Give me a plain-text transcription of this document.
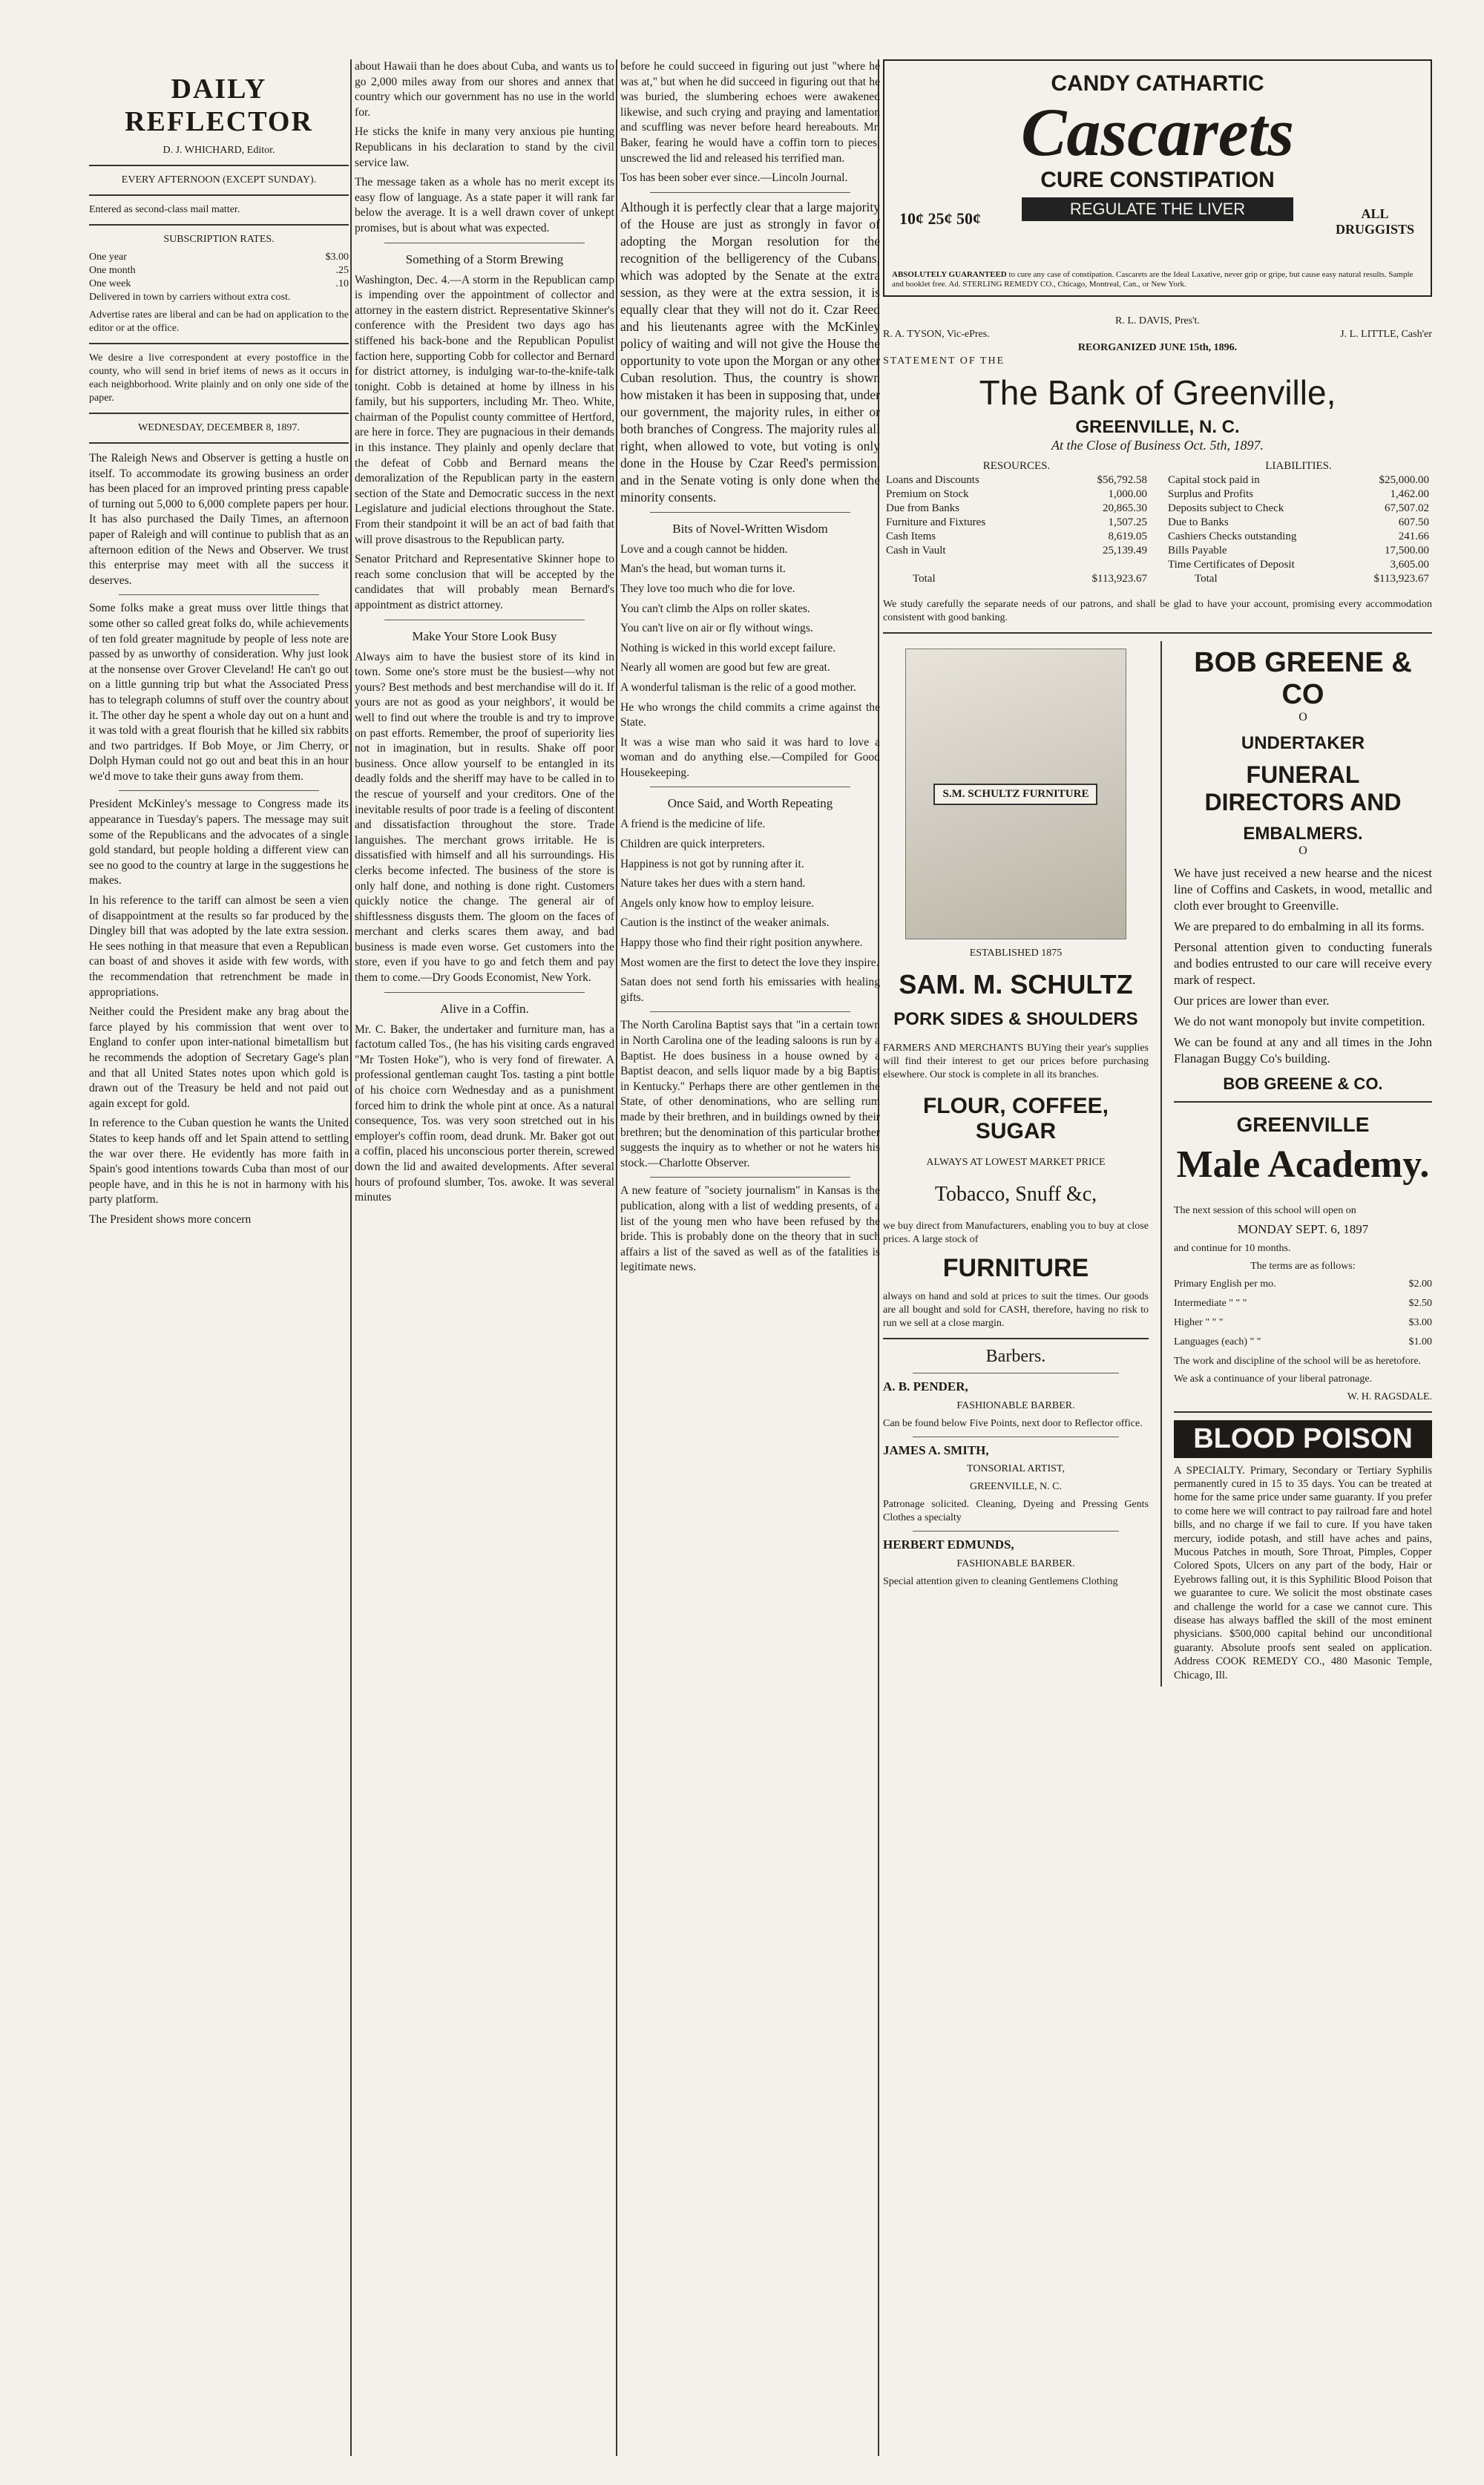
DAILY REFLECTOR

D. J. WHICHARD, Editor.

EVERY AFTERNOON (EXCEPT SUNDAY).

Entered as second-class mail matter.

SUBSCRIPTION RATES.

One year	$3.00
One month	.25
One week	.10

Delivered in town by carriers without extra cost.

Advertise rates are liberal and can be had on application to the editor or at the office.

We desire a live correspondent at every postoffice in the county, who will send in brief items of news as it occurs in each neighborhood. Write plainly and on only one side of the paper.

WEDNESDAY, DECEMBER 8, 1897.

The Raleigh News and Observer is getting a hustle on itself. To accommodate its growing business an order has been placed for an improved printing press capable of turning out 5,000 to 6,000 complete papers per hour. It has also purchased the Daily Times, an afternoon paper of Raleigh and will continue to publish that as an afternoon edition of the News and Observer. We trust this enterprise may meet with all the success it deserves.

Some folks make a great muss over little things that some other so called great folks do, while achievements of ten fold greater magnitude by people of less note are passed by as unworthy of consideration. Why just look at the nonsense over Grover Cleveland! He can't go out on a little gunning trip but what the Associated Press has to telegraph columns of stuff over the country about it. The other day he spent a whole day out on a hunt and it was told with a great flourish that he killed six rabbits and two partridges. If Bob Moye, or Jim Cherry, or Dolph Hyman could not go out and beat this in an hour we'd move to take their guns away from them.

President McKinley's message to Congress made its appearance in Tuesday's papers. The message may suit some of the Republicans and the advocates of a single gold standard, but people holding a different view can see no good to the country at large in the suggestions he makes.

In his reference to the tariff can almost be seen a vien of disappointment at the results so far produced by the Dingley bill that was adopted by the late extra session. He sees nothing in that measure that even a Republican can boast of and shoves it aside with few words, with the recommendation that retrenchment be made in appropriations.

Neither could the President make any brag about the farce played by his commission that went over to England to confer upon inter-national bimetallism but he recommends the adoption of Secretary Gage's plan and that all United States notes upon which gold is drawn out of the Treasury be held and not paid out again except for gold.

In reference to the Cuban question he wants the United States to keep hands off and let Spain attend to settling the war over there. He evidently has more faith in Spain's good intentions towards Cuba than most of our people have, and in this he is not in harmony with his party platform.

The President shows more concern

about Hawaii than he does about Cuba, and wants us to go 2,000 miles away from our shores and annex that country which our government has no use in the world for.

He sticks the knife in many very anxious pie hunting Republicans in his declaration to stand by the civil service law.

The message taken as a whole has no merit except its easy flow of language. As a state paper it will rank far below the average. It is a well drawn cover of unkept promises, but is about what was expected.

Something of a Storm Brewing

Washington, Dec. 4.—A storm in the Republican camp is impending over the appointment of collector and attorney in the eastern district. Representative Skinner's conference with the President two days ago has stiffened his back-bone and the Republican Populist faction here, supporting Cobb for collector and Bernard for district attorney, is indulging war-to-the-knife-talk tonight. Cobb is detained at home by illness in his family, but his supporters, including Mr. Theo. White, chairman of the Populist county committee of Hertford, are here in force. They are pugnacious in their demands in this instance. They plainly and openly declare that the defeat of Cobb and Bernard means the demoralization of the Republican party in the eastern section of the State and Democratic success in the next Legislature and judicial elections throughout the State. From their standpoint it will be an act of bad faith that will prove disastrous to the Republican party.

Senator Pritchard and Representative Skinner hope to reach some conclusion that will be accepted by the candidates that will probably mean Bernard's appointment as district attorney.

Make Your Store Look Busy

Always aim to have the busiest store of its kind in town. Some one's store must be the busiest—why not yours? Best methods and best merchandise will do it. If yours are not as good as your neighbors', it would be well to find out where the trouble is and try to improve on past efforts. Remember, the proof of superiority lies not in imagination, but in results. Shake off poor business. Once allow yourself to be entangled in its deadly folds and the sheriff may have to be called in to the rescue of yourself and your creditors. One of the inevitable results of poor trade is a feeling of discontent and dissatisfaction throughout the store. Trade languishes. The merchant grows irritable. He is dissatisfied with himself and all his surroundings. His clerks become infected. The business of the store is only half done, and nothing is done right. Customers quickly notice the change. The general air of shiftlessness disgusts them. The gloom on the faces of merchant and clerks scares them away, and bad business is made even worse. Get customers into the store, even if you have to go and fetch them and pay them to come.—Dry Goods Economist, New York.

Alive in a Coffin.

Mr. C. Baker, the undertaker and furniture man, has a factotum called Tos., (he has his visiting cards engraved "Mr Tosten Hoke"), who is very fond of firewater. A professional gentleman caught Tos. tasting a pint bottle of his choice corn Wednesday and as a punishment forced him to drink the whole pint at once. As a natural consequence, Tos. was very soon stretched out in his employer's coffin room, dead drunk. Mr. Baker got out a coffin, placed his unconscious porter therein, screwed down the lid and awaited developments. After several hours of profound slumber, Tos. awoke. It was several minutes

before he could succeed in figuring out just "where he was at," but when he did succeed in figuring out that he was buried, the slumbering echoes were awakened likewise, and such crying and praying and lamentation and scuffling was never before heard hereabouts. Mr. Baker, fearing he would have a coffin torn to pieces, unscrewed the lid and released his terrified man.

Tos has been sober ever since.—Lincoln Journal.

Although it is perfectly clear that a large majority of the House are just as strongly in favor of adopting the Morgan resolution for the recognition of the belligerency of the Cubans, which was adopted by the Senate at the extra session, as they were at the extra session, it is equally clear that they will not do it. Czar Reed and his lieutenants agree with the McKinley policy of waiting and will not give the House the opportunity to vote upon the Morgan or any other Cuban resolution. Thus, the country is shown how mistaken it has been in supposing that, under our government, the majority rules, in either or both branches of Congress. The majority rules all right, when allowed to vote, but voting is only done in the House by Czar Reed's permission, and in the Senate voting is only done when the minority consents.

Bits of Novel-Written Wisdom

Love and a cough cannot be hidden.

Man's the head, but woman turns it.

They love too much who die for love.

You can't climb the Alps on roller skates.

You can't live on air or fly without wings.

Nothing is wicked in this world except failure.

Nearly all women are good but few are great.

A wonderful talisman is the relic of a good mother.

He who wrongs the child commits a crime against the State.

It was a wise man who said it was hard to love a woman and do anything else.—Compiled for Good Housekeeping.

Once Said, and Worth Repeating

A friend is the medicine of life.

Children are quick interpreters.

Happiness is not got by running after it.

Nature takes her dues with a stern hand.

Angels only know how to employ leisure.

Caution is the instinct of the weaker animals.

Happy those who find their right position anywhere.

Most women are the first to detect the love they inspire.

Satan does not send forth his emissaries with healing gifts.

The North Carolina Baptist says that "in a certain town in North Carolina one of the leading saloons is run by a Baptist. He does business in a house owned by a Baptist deacon, and sells liquor made by a big Baptist in Kentucky." Perhaps there are other gentlemen in the State, of other denominations, who are selling rum made by their brethren, and in buildings owned by their brethren; but the denomination of this particular brother suggests the inquiry as to whether or not he waters his stock.—Charlotte Observer.

A new feature of "society journalism" in Kansas is the publication, along with a list of wedding presents, of a list of the young men who have been refused by the bride. This is probably done on the theory that in such affairs a list of the saved as well as of the fatalities is legitimate news.

CANDY CATHARTIC
Cascarets
CURE CONSTIPATION
REGULATE THE LIVER
10¢ 25¢ 50¢	ALL DRUGGISTS
ABSOLUTELY GUARANTEED to cure any case of constipation. Cascarets are the Ideal Laxative, never grip or gripe, but cause easy natural results. Sample and booklet free. Ad. STERLING REMEDY CO., Chicago, Montreal, Can., or New York.
R. L. DAVIS, Pres't.
R. A. TYSON, Vic-ePres.	J. L. LITTLE, Cash'er
REORGANIZED JUNE 15th, 1896.
STATEMENT OF THE
The Bank of Greenville,
GREENVILLE, N. C.
At the Close of Business Oct. 5th, 1897.
RESOURCES.	
Loans and Discounts	$56,792.58
Premium on Stock	1,000.00
Due from Banks	20,865.30
Furniture and Fixtures	1,507.25
Cash Items	8,619.05
Cash in Vault	25,139.49

Total	$113,923.67
LIABILITIES.	
Capital stock paid in	$25,000.00
Surplus and Profits	1,462.00
Deposits subject to Check	67,507.02
Due to Banks	607.50
Cashiers Checks outstanding	241.66
Bills Payable	17,500.00
Time Certificates of Deposit	3,605.00
Total	$113,923.67

We study carefully the separate needs of our patrons, and shall be glad to have your account, promising every accommodation consistent with good banking.

S.M. SCHULTZ FURNITURE

ESTABLISHED 1875

SAM. M. SCHULTZ
PORK SIDES & SHOULDERS

FARMERS AND MERCHANTS BUYing their year's supplies will find their interest to get our prices before purchasing elsewhere. Our stock is complete in all its branches.

FLOUR, COFFEE, SUGAR

ALWAYS AT LOWEST MARKET PRICE

Tobacco, Snuff &c,

we buy direct from Manufacturers, enabling you to buy at close prices. A large stock of

FURNITURE

always on hand and sold at prices to suit the times. Our goods are all bought and sold for CASH, therefore, having no risk to run we sell at a close margin.

Barbers.

A. B. PENDER,

FASHIONABLE BARBER.

Can be found below Five Points, next door to Reflector office.

JAMES A. SMITH,

TONSORIAL ARTIST,

GREENVILLE, N. C.

Patronage solicited. Cleaning, Dyeing and Pressing Gents Clothes a specialty

HERBERT EDMUNDS,

FASHIONABLE BARBER.

Special attention given to cleaning Gentlemens Clothing

BOB GREENE & CO
O
UNDERTAKER
FUNERAL DIRECTORS AND
EMBALMERS.
O

We have just received a new hearse and the nicest line of Coffins and Caskets, in wood, metallic and cloth ever brought to Greenville.

We are prepared to do embalming in all its forms.

Personal attention given to conducting funerals and bodies entrusted to our care will receive every mark of respect.

Our prices are lower than ever.

We do not want monopoly but invite competition.

We can be found at any and all times in the John Flanagan Buggy Co's building.

BOB GREENE & CO.
GREENVILLE
Male Academy.

The next session of this school will open on

MONDAY SEPT. 6, 1897

and continue for 10 months.

The terms are as follows:

Primary English per mo.	$2.00
Intermediate " " "	$2.50
Higher " " "	$3.00
Languages (each) " "	$1.00

The work and discipline of the school will be as heretofore.

We ask a continuance of your liberal patronage.

W. H. RAGSDALE.

BLOOD POISON

A SPECIALTY. Primary, Secondary or Tertiary Syphilis permanently cured in 15 to 35 days. You can be treated at home for the same price under same guaranty. If you prefer to come here we will contract to pay railroad fare and hotel bills, and no charge if we fail to cure. If you have taken mercury, iodide potash, and still have aches and pains, Mucous Patches in mouth, Sore Throat, Pimples, Copper Colored Spots, Ulcers on any part of the body, Hair or Eyebrows falling out, it is this Syphilitic Blood Poison that we guarantee to cure. We solicit the most obstinate cases and challenge the world for a case we cannot cure. This disease has always baffled the skill of the most eminent physicians. $500,000 capital behind our unconditional guaranty. Absolute proofs sent sealed on application. Address COOK REMEDY CO., 480 Masonic Temple, Chicago, Ill.
